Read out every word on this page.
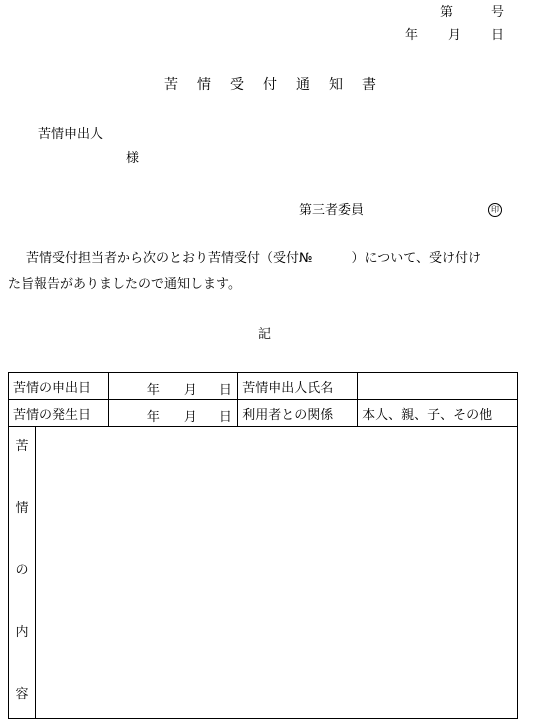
第	号
年 月 日
苦情受付通知書
苦情申出人
様
第三者委員	印
苦情受付担当者から次のとおり苦情受付（受付№　　　）について、受け付け
た旨報告がありましたので通知します。
記
苦情の申出日	年 月 日	苦情申出人氏名	
苦情の発生日	年 月 日	利用者との関係	本人、親、子、その他

苦
情
の
内
容			
